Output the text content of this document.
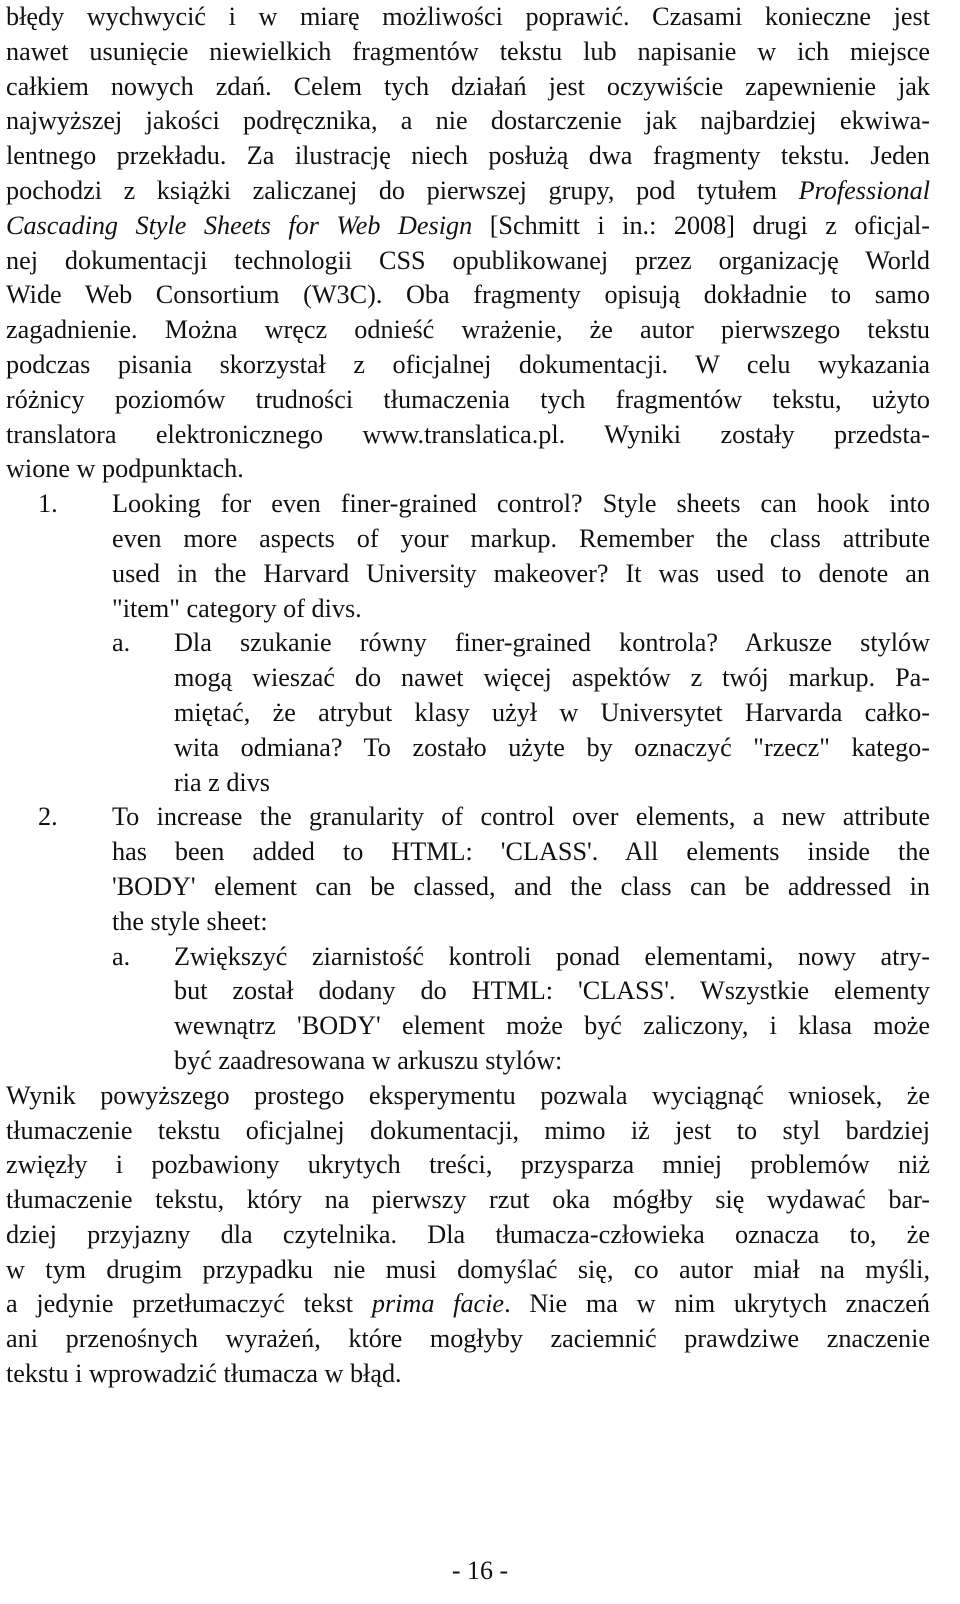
błędy wychwycić i w miarę możliwości poprawić. Czasami konieczne jest
nawet usunięcie niewielkich fragmentów tekstu lub napisanie w ich miejsce
całkiem nowych zdań. Celem tych działań jest oczywiście zapewnienie jak
najwyższej jakości podręcznika, a nie dostarczenie jak najbardziej ekwiwa-
lentnego przekładu. Za ilustrację niech posłużą dwa fragmenty tekstu. Jeden
pochodzi z książki zaliczanej do pierwszej grupy, pod tytułem Professional
Cascading Style Sheets for Web Design [Schmitt i in.: 2008] drugi z oficjal-
nej dokumentacji technologii CSS opublikowanej przez organizację World
Wide Web Consortium (W3C). Oba fragmenty opisują dokładnie to samo
zagadnienie. Można wręcz odnieść wrażenie, że autor pierwszego tekstu
podczas pisania skorzystał z oficjalnej dokumentacji. W celu wykazania
różnicy poziomów trudności tłumaczenia tych fragmentów tekstu, użyto
translatora elektronicznego www.translatica.pl. Wyniki zostały przedsta-
wione w podpunktach.
1. Looking for even finer-grained control? Style sheets can hook into
even more aspects of your markup. Remember the class attribute
used in the Harvard University makeover? It was used to denote an
"item" category of divs.
a. Dla szukanie równy finer-grained kontrola? Arkusze stylów
mogą wieszać do nawet więcej aspektów z twój markup. Pa-
miętać, że atrybut klasy użył w Universytet Harvarda całko-
wita odmiana? To zostało użyte by oznaczyć "rzecz" katego-
ria z divs
2. To increase the granularity of control over elements, a new attribute
has been added to HTML: 'CLASS'. All elements inside the
'BODY' element can be classed, and the class can be addressed in
the style sheet:
a. Zwiększyć ziarnistość kontroli ponad elementami, nowy atry-
but został dodany do HTML: 'CLASS'. Wszystkie elementy
wewnątrz 'BODY' element może być zaliczony, i klasa może
być zaadresowana w arkuszu stylów:
Wynik powyższego prostego eksperymentu pozwala wyciągnąć wniosek, że
tłumaczenie tekstu oficjalnej dokumentacji, mimo iż jest to styl bardziej
zwięzły i pozbawiony ukrytych treści, przysparza mniej problemów niż
tłumaczenie tekstu, który na pierwszy rzut oka mógłby się wydawać bar-
dziej przyjazny dla czytelnika. Dla tłumacza-człowieka oznacza to, że
w tym drugim przypadku nie musi domyślać się, co autor miał na myśli,
a jedynie przetłumaczyć tekst prima facie. Nie ma w nim ukrytych znaczeń
ani przenośnych wyrażeń, które mogłyby zaciemnić prawdziwe znaczenie
tekstu i wprowadzić tłumacza w błąd.
- 16 -
